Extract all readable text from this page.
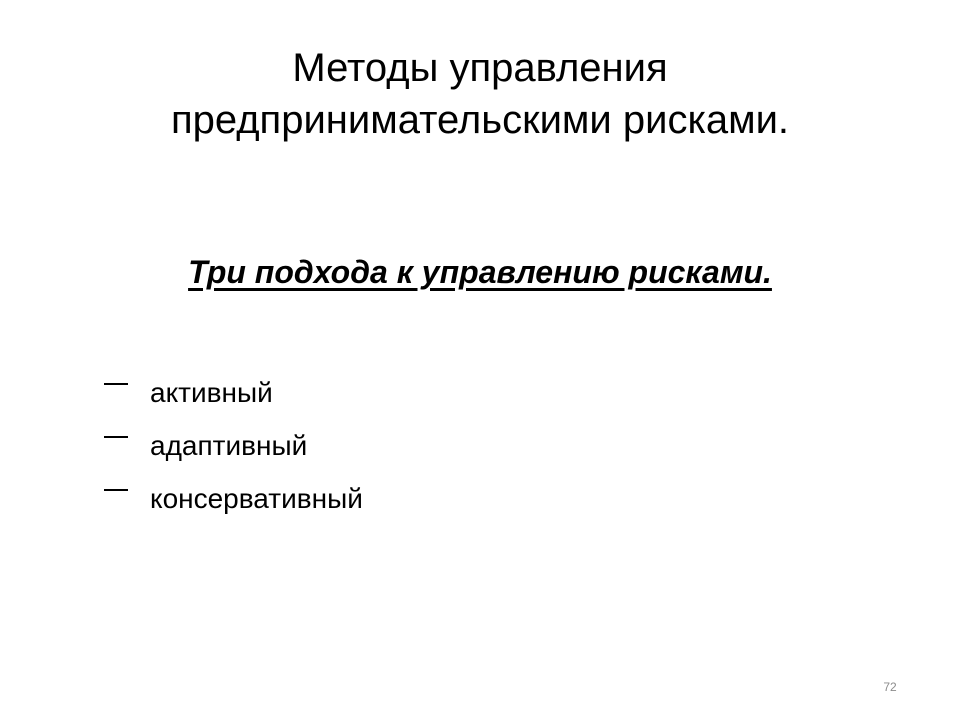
Методы управления
предпринимательскими рисками.
Три подхода к управлению рисками.
активный
адаптивный
консервативный
72
